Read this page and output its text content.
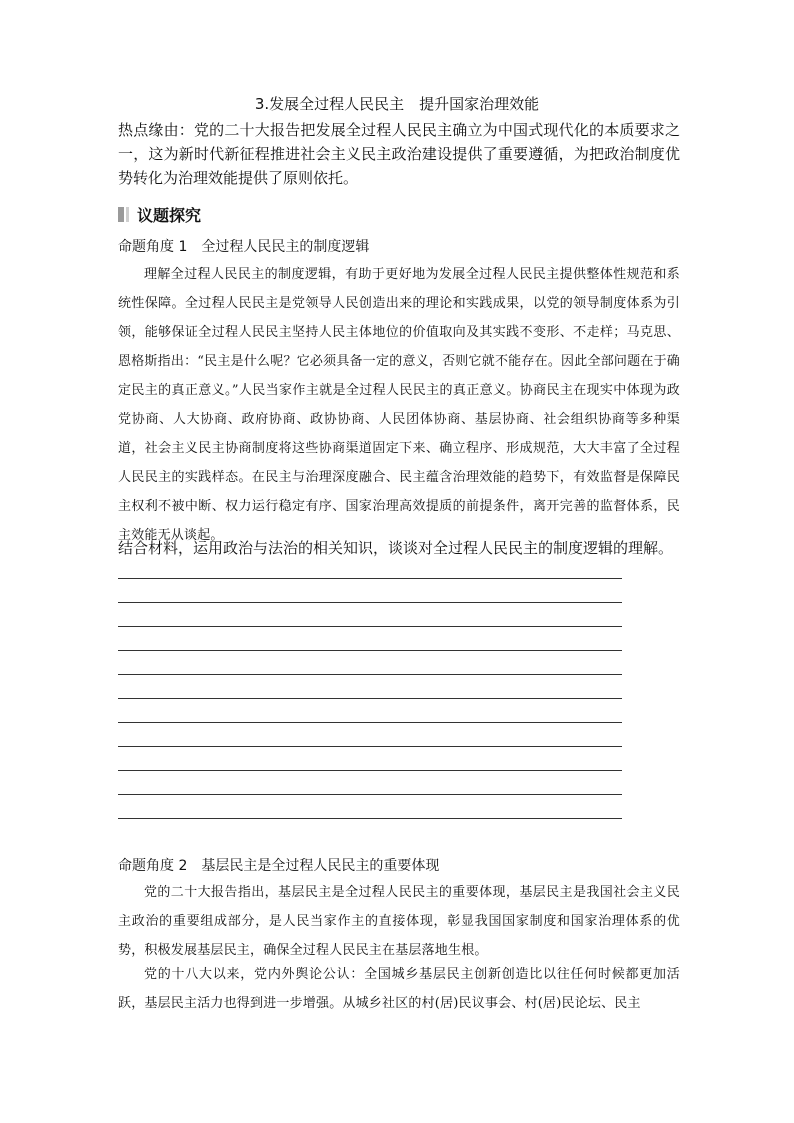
3.发展全过程人民民主　提升国家治理效能
热点缘由：党的二十大报告把发展全过程人民民主确立为中国式现代化的本质要求之一，这为新时代新征程推进社会主义民主政治建设提供了重要遵循，为把政治制度优势转化为治理效能提供了原则依托。
议题探究
命题角度 1　全过程人民民主的制度逻辑
理解全过程人民民主的制度逻辑，有助于更好地为发展全过程人民民主提供整体性规范和系统性保障。全过程人民民主是党领导人民创造出来的理论和实践成果，以党的领导制度体系为引领，能够保证全过程人民民主坚持人民主体地位的价值取向及其实践不变形、不走样；马克思、恩格斯指出：“民主是什么呢？它必须具备一定的意义，否则它就不能存在。因此全部问题在于确定民主的真正意义。”人民当家作主就是全过程人民民主的真正意义。协商民主在现实中体现为政党协商、人大协商、政府协商、政协协商、人民团体协商、基层协商、社会组织协商等多种渠道，社会主义民主协商制度将这些协商渠道固定下来、确立程序、形成规范，大大丰富了全过程人民民主的实践样态。在民主与治理深度融合、民主蕴含治理效能的趋势下，有效监督是保障民主权利不被中断、权力运行稳定有序、国家治理高效提质的前提条件，离开完善的监督体系，民主效能无从谈起。
结合材料，运用政治与法治的相关知识，谈谈对全过程人民民主的制度逻辑的理解。
命题角度 2　基层民主是全过程人民民主的重要体现
党的二十大报告指出，基层民主是全过程人民民主的重要体现，基层民主是我国社会主义民主政治的重要组成部分，是人民当家作主的直接体现，彰显我国国家制度和国家治理体系的优势，积极发展基层民主，确保全过程人民民主在基层落地生根。
党的十八大以来，党内外舆论公认：全国城乡基层民主创新创造比以往任何时候都更加活跃，基层民主活力也得到进一步增强。从城乡社区的村(居)民议事会、村(居)民论坛、民主
